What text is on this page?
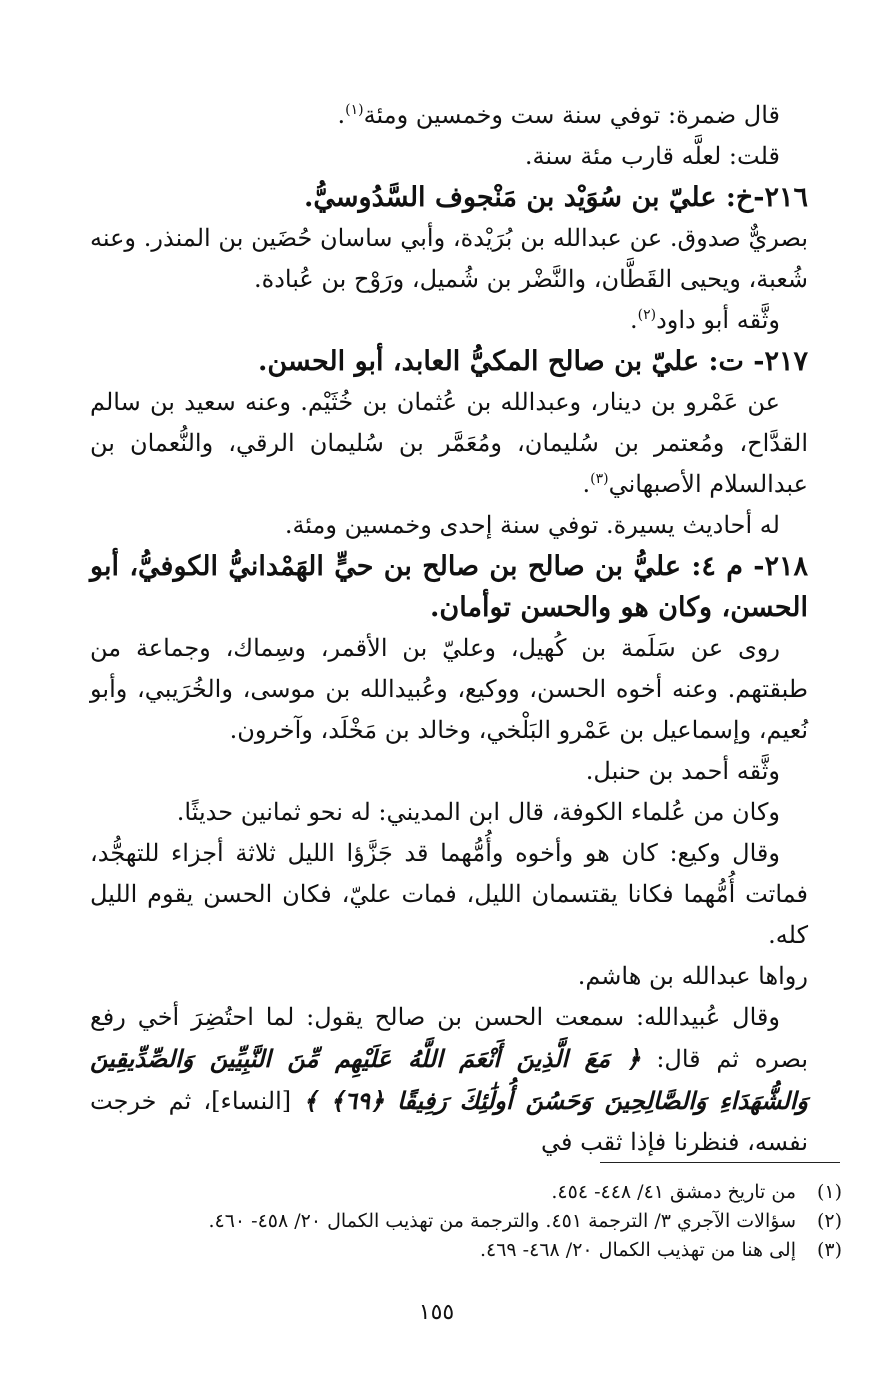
قال ضمرة: توفي سنة ست وخمسين ومئة$^{(١)}$.

قلت: لعلَّه قارب مئة سنة.

٢١٦-خ: عليّ بن سُوَيْد بن مَنْجوف السَّدُوسيُّ.

بصريٌّ صدوق. عن عبدالله بن بُرَيْدة، وأبي ساسان حُضَين بن المنذر. وعنه شُعبة، ويحيى القَطَّان، والنَّضْر بن شُميل، ورَوْح بن عُبادة.

وثَّقه أبو داود$^{(٢)}$.

٢١٧- ت: عليّ بن صالح المكيُّ العابد، أبو الحسن.

عن عَمْرو بن دينار، وعبدالله بن عُثمان بن خُثَيْم. وعنه سعيد بن سالم القدَّاح، ومُعتمر بن سُليمان، ومُعَمَّر بن سُليمان الرقي، والنُّعمان بن عبدالسلام الأصبهاني$^{(٣)}$.

له أحاديث يسيرة. توفي سنة إحدى وخمسين ومئة.

٢١٨- م ٤: عليُّ بن صالح بن صالح بن حيٍّ الهَمْدانيُّ الكوفيُّ، أبو الحسن، وكان هو والحسن توأمان.

روى عن سَلَمة بن كُهيل، وعليّ بن الأقمر، وسِماك، وجماعة من طبقتهم. وعنه أخوه الحسن، ووكيع، وعُبيدالله بن موسى، والخُرَيبي، وأبو نُعيم، وإسماعيل بن عَمْرو البَلْخي، وخالد بن مَخْلَد، وآخرون.

وثَّقه أحمد بن حنبل.

وكان من عُلماء الكوفة، قال ابن المديني: له نحو ثمانين حديثًا.

وقال وكيع: كان هو وأخوه وأُمُّهما قد جَزَّؤا الليل ثلاثة أجزاء للتهجُّد، فماتت أُمُّهما فكانا يقتسمان الليل، فمات عليّ، فكان الحسن يقوم الليل كله.

رواها عبدالله بن هاشم.

وقال عُبيدالله: سمعت الحسن بن صالح يقول: لما احتُضِرَ أخي رفع بصره ثم قال: ﴿ مَعَ الَّذِينَ أَنْعَمَ اللَّهُ عَلَيْهِم مِّنَ النَّبِيِّينَ وَالصِّدِّيقِينَ وَالشُّهَدَاءِ وَالصَّالِحِينَ وَحَسُنَ أُولَٰئِكَ رَفِيقًا ﴿٦٩﴾ ﴾ [النساء]، ثم خرجت نفسه، فنظرنا فإذا ثقب في

(١)من تاريخ دمشق ٤١/ ٤٤٨- ٤٥٤.

(٢)سؤالات الآجري ٣/ الترجمة ٤٥١. والترجمة من تهذيب الكمال ٢٠/ ٤٥٨- ٤٦٠.

(٣)إلى هنا من تهذيب الكمال ٢٠/ ٤٦٨- ٤٦٩.

١٥٥
